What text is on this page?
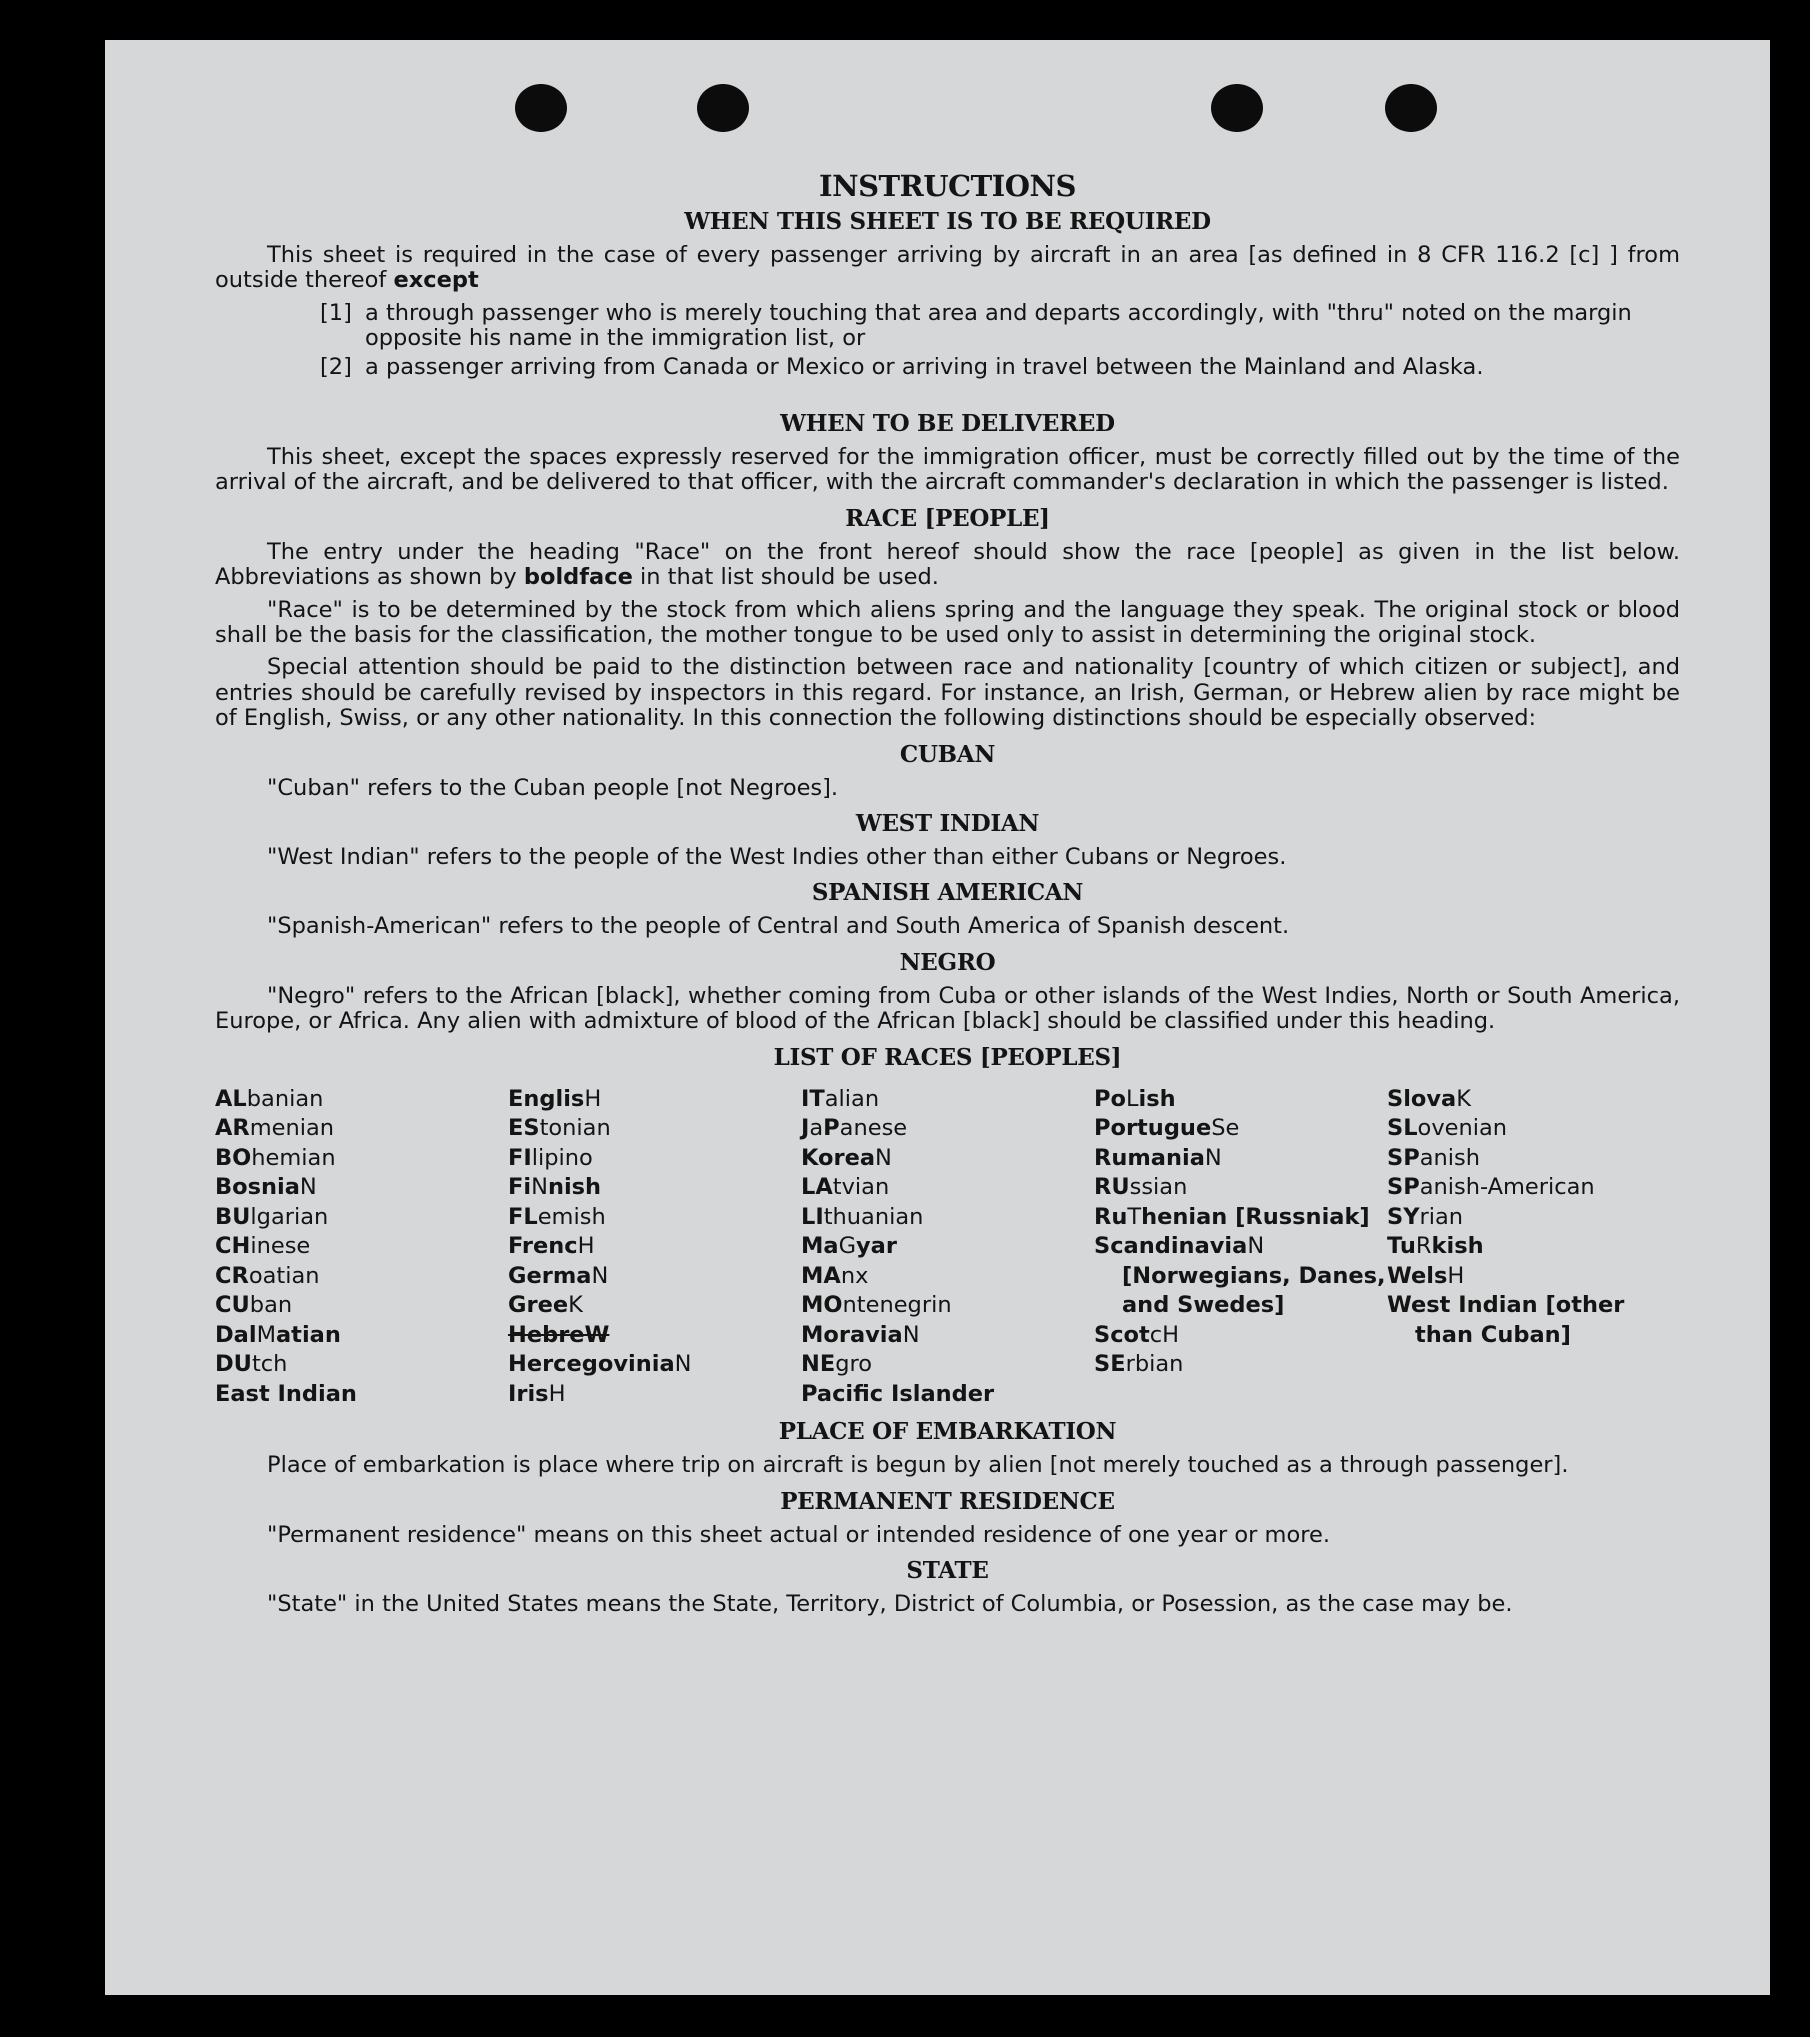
INSTRUCTIONS
WHEN THIS SHEET IS TO BE REQUIRED

This sheet is required in the case of every passenger arriving by aircraft in an area [as defined in 8 CFR 116.2 [c] ] from outside thereof except

[1] a through passenger who is merely touching that area and departs accordingly, with "thru" noted on the margin opposite his name in the immigration list, or
[2] a passenger arriving from Canada or Mexico or arriving in travel between the Mainland and Alaska.
WHEN TO BE DELIVERED

This sheet, except the spaces expressly reserved for the immigration officer, must be correctly filled out by the time of the arrival of the aircraft, and be delivered to that officer, with the aircraft commander's declaration in which the passenger is listed.

RACE [PEOPLE]

The entry under the heading "Race" on the front hereof should show the race [people] as given in the list below. Abbreviations as shown by boldface in that list should be used.

"Race" is to be determined by the stock from which aliens spring and the language they speak. The original stock or blood shall be the basis for the classification, the mother tongue to be used only to assist in determining the original stock.

Special attention should be paid to the distinction between race and nationality [country of which citizen or subject], and entries should be carefully revised by inspectors in this regard. For instance, an Irish, German, or Hebrew alien by race might be of English, Swiss, or any other nationality. In this connection the following distinctions should be especially observed:

CUBAN

"Cuban" refers to the Cuban people [not Negroes].

WEST INDIAN

"West Indian" refers to the people of the West Indies other than either Cubans or Negroes.

SPANISH AMERICAN

"Spanish-American" refers to the people of Central and South America of Spanish descent.

NEGRO

"Negro" refers to the African [black], whether coming from Cuba or other islands of the West Indies, North or South America, Europe, or Africa. Any alien with admixture of blood of the African [black] should be classified under this heading.

LIST OF RACES [PEOPLES]
ALbanian
ARmenian
BOhemian
BosniaN
BUlgarian
CHinese
CRoatian
CUban
DalMatian
DUtch
East Indian
EnglisH
EStonian
FIlipino
FiNnish
FLemish
FrencH
GermaN
GreeK
HebreW
HercegoviniaN
IrisH
ITalian
JaPanese
KoreaN
LAtvian
LIthuanian
MaGyar
MAnx
MOntenegrin
MoraviaN
NEgro
Pacific Islander
PoLish
PortugueSe
RumaniaN
RUssian
RuThenian [Russniak]
ScandinaviaN [Norwegians, Danes, and Swedes]
ScotcH
SErbian
SlovaK
SLovenian
SPanish
SPanish-American
SYrian
TuRkish
WelsH
West Indian [other than Cuban]
PLACE OF EMBARKATION

Place of embarkation is place where trip on aircraft is begun by alien [not merely touched as a through passenger].

PERMANENT RESIDENCE

"Permanent residence" means on this sheet actual or intended residence of one year or more.

STATE

"State" in the United States means the State, Territory, District of Columbia, or Posession, as the case may be.
